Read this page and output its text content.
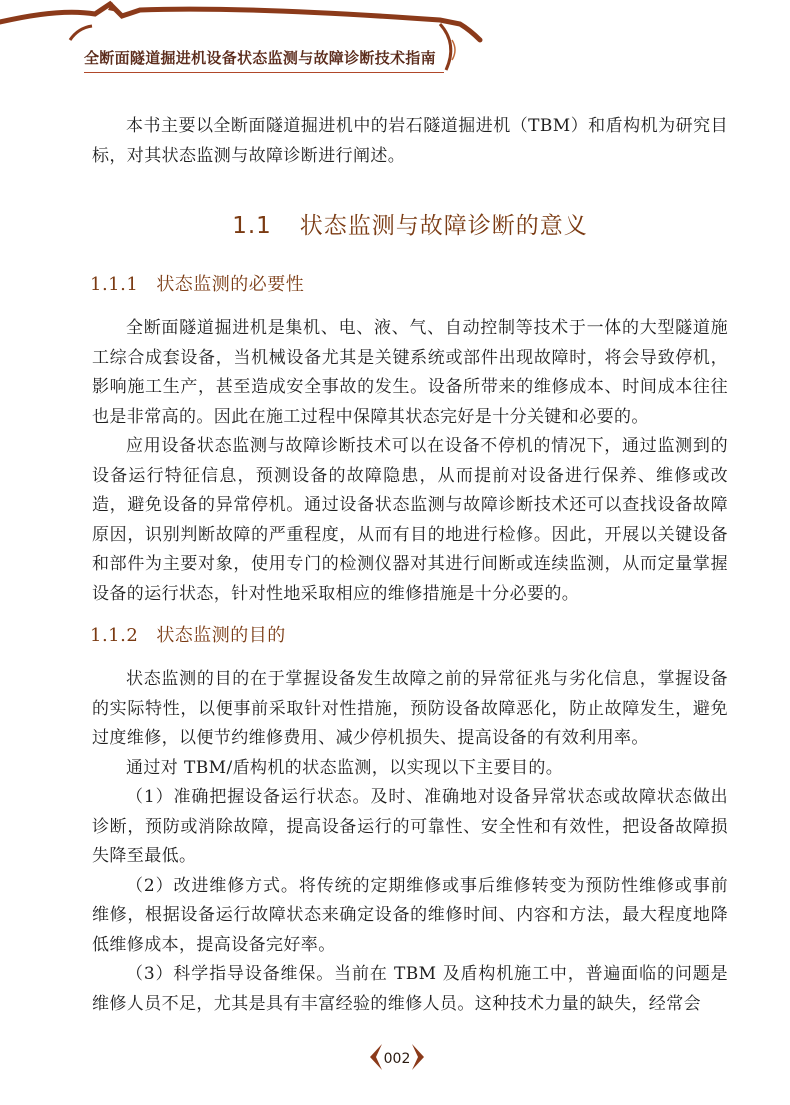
全断面隧道掘进机设备状态监测与故障诊断技术指南

本书主要以全断面隧道掘进机中的岩石隧道掘进机（TBM）和盾构机为研究目标，对其状态监测与故障诊断进行阐述。

1.1 状态监测与故障诊断的意义
1.1.1 状态监测的必要性

全断面隧道掘进机是集机、电、液、气、自动控制等技术于一体的大型隧道施工综合成套设备，当机械设备尤其是关键系统或部件出现故障时，将会导致停机，影响施工生产，甚至造成安全事故的发生。设备所带来的维修成本、时间成本往往也是非常高的。因此在施工过程中保障其状态完好是十分关键和必要的。

应用设备状态监测与故障诊断技术可以在设备不停机的情况下，通过监测到的设备运行特征信息，预测设备的故障隐患，从而提前对设备进行保养、维修或改造，避免设备的异常停机。通过设备状态监测与故障诊断技术还可以查找设备故障原因，识别判断故障的严重程度，从而有目的地进行检修。因此，开展以关键设备和部件为主要对象，使用专门的检测仪器对其进行间断或连续监测，从而定量掌握设备的运行状态，针对性地采取相应的维修措施是十分必要的。

1.1.2 状态监测的目的

状态监测的目的在于掌握设备发生故障之前的异常征兆与劣化信息，掌握设备的实际特性，以便事前采取针对性措施，预防设备故障恶化，防止故障发生，避免过度维修，以便节约维修费用、减少停机损失、提高设备的有效利用率。

通过对 TBM/盾构机的状态监测，以实现以下主要目的。

（1）准确把握设备运行状态。及时、准确地对设备异常状态或故障状态做出诊断，预防或消除故障，提高设备运行的可靠性、安全性和有效性，把设备故障损失降至最低。

（2）改进维修方式。将传统的定期维修或事后维修转变为预防性维修或事前维修，根据设备运行故障状态来确定设备的维修时间、内容和方法，最大程度地降低维修成本，提高设备完好率。

（3）科学指导设备维保。当前在 TBM 及盾构机施工中，普遍面临的问题是维修人员不足，尤其是具有丰富经验的维修人员。这种技术力量的缺失，经常会

002
